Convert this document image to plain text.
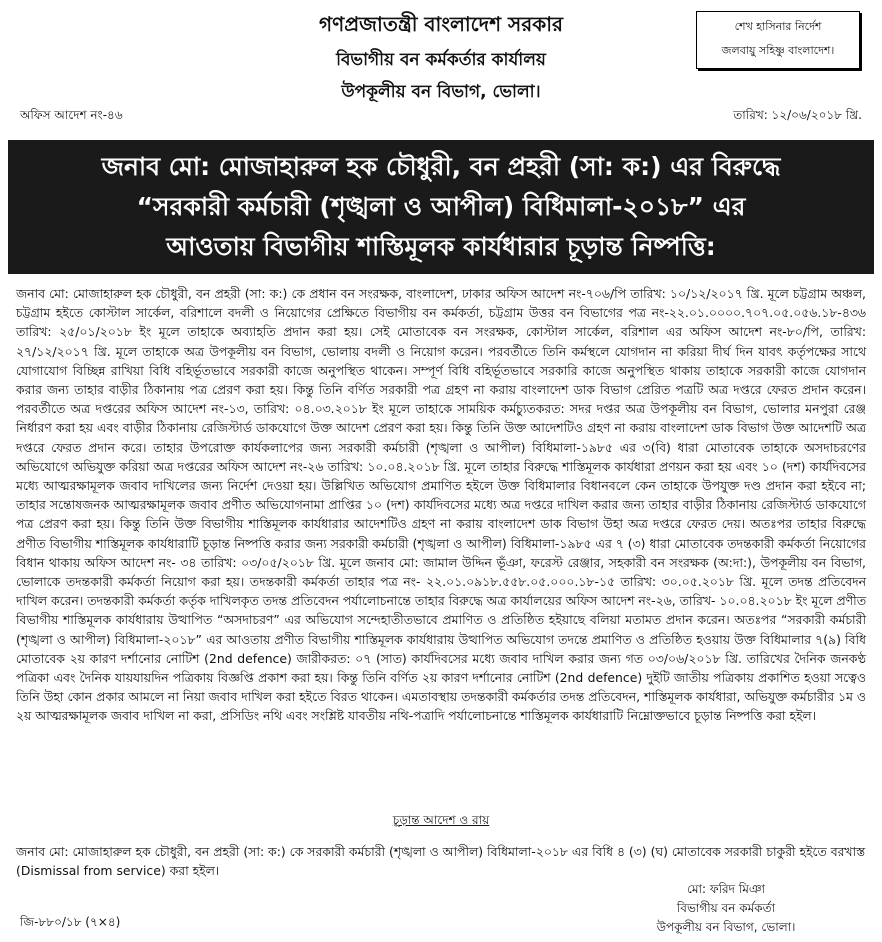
গণপ্রজাতন্ত্রী বাংলাদেশ সরকার
বিভাগীয় বন কর্মকর্তার কার্যালয়
উপকূলীয় বন বিভাগ, ভোলা।
শেখ হাসিনার নির্দেশ
জলবায়ু সহিষ্ণু বাংলাদেশ।
অফিস আদেশ নং-৪৬	তারিখ: ১২/০৬/২০১৮ খ্রি.
জনাব মো: মোজাহারুল হক চৌধুরী, বন প্রহরী (সা: ক:) এর বিরুদ্ধে
“সরকারী কর্মচারী (শৃঙ্খলা ও আপীল) বিধিমালা-২০১৮” এর
আওতায় বিভাগীয় শাস্তিমূলক কার্যধারার চূড়ান্ত নিষ্পত্তি:

জনাব মো: মোজাহারুল হক চৌধুরী, বন প্রহরী (সা: ক:) কে প্রধান বন সংরক্ষক, বাংলাদেশ, ঢাকার অফিস আদেশ নং-৭০৬/পি তারিখ: ১০/১২/২০১৭ খ্রি. মূলে চট্টগ্রাম অঞ্চল, চট্টগ্রাম হইতে কোস্টাল সার্কেল, বরিশালে বদলী ও নিয়োগের প্রেক্ষিতে বিভাগীয় বন কর্মকর্তা, চট্টগ্রাম উত্তর বন বিভাগের পত্র নং-২২.০১.০০০০.৭০৭.০৫.০৫৬.১৮-৪৩৬ তারিখ: ২৫/০১/২০১৮ ইং মূলে তাহাকে অব্যাহতি প্রদান করা হয়। সেই মোতাবেক বন সংরক্ষক, কোস্টাল সার্কেল, বরিশাল এর অফিস আদেশ নং-৮০/পি, তারিখ: ২৭/১২/২০১৭ খ্রি. মূলে তাহাকে অত্র উপকূলীয় বন বিভাগ, ভোলায় বদলী ও নিয়োগ করেন। পরবর্তীতে তিনি কর্মস্থলে যোগদান না করিয়া দীর্ঘ দিন যাবৎ কর্তৃপক্ষের সাথে যোগাযোগ বিচ্ছিন্ন রাখিয়া বিধি বহির্ভূতভাবে সরকারী কাজে অনুপস্থিত থাকেন। সম্পূর্ণ বিধি বহির্ভূতভাবে সরকারি কাজে অনুপস্থিত থাকায় তাহাকে সরকারী কাজে যোগদান করার জন্য তাহার বাড়ীর ঠিকানায় পত্র প্রেরণ করা হয়। কিন্তু তিনি বর্ণিত সরকারী পত্র গ্রহণ না করায় বাংলাদেশ ডাক বিভাগ প্রেরিত পত্রটি অত্র দপ্তরে ফেরত প্রদান করেন। পরবর্তীতে অত্র দপ্তরের অফিস আদেশ নং-১৩, তারিখ: ০৪.০৩.২০১৮ ইং মূলে তাহাকে সাময়িক কর্মচ্যুতকরত: সদর দপ্তর অত্র উপকূলীয় বন বিভাগ, ভোলার মনপুরা রেঞ্জ নির্ধারণ করা হয় এবং বাড়ীর ঠিকানায় রেজিস্টার্ড ডাকযোগে উক্ত আদেশ প্রেরণ করা হয়। কিন্তু তিনি উক্ত আদেশটিও গ্রহণ না করায় বাংলাদেশ ডাক বিভাগ উক্ত আদেশটি অত্র দপ্তরে ফেরত প্রদান করে। তাহার উপরোক্ত কার্যকলাপের জন্য সরকারী কর্মচারী (শৃঙ্খলা ও আপীল) বিধিমালা-১৯৮৫ এর ৩(বি) ধারা মোতাবেক তাহাকে অসদাচরণের অভিযোগে অভিযুক্ত করিয়া অত্র দপ্তরের অফিস আদেশ নং-২৬ তারিখ: ১০.০৪.২০১৮ খ্রি. মূলে তাহার বিরুদ্ধে শাস্তিমূলক কার্যধারা প্রণয়ন করা হয় এবং ১০ (দশ) কার্যদিবসের মধ্যে আত্মরক্ষামূলক জবাব দাখিলের জন্য নির্দেশ দেওয়া হয়। উল্লিখিত অভিযোগ প্রমাণিত হইলে উক্ত বিধিমালার বিধানবলে কেন তাহাকে উপযুক্ত দণ্ড প্রদান করা হইবে না; তাহার সন্তোষজনক আত্মরক্ষামূলক জবাব প্রণীত অভিযোগনামা প্রাপ্তির ১০ (দশ) কার্যদিবসের মধ্যে অত্র দপ্তরে দাখিল করার জন্য তাহার বাড়ীর ঠিকানায় রেজিস্টার্ড ডাকযোগে পত্র প্রেরণ করা হয়। কিন্তু তিনি উক্ত বিভাগীয় শাস্তিমূলক কার্যধারার আদেশটিও গ্রহণ না করায় বাংলাদেশ ডাক বিভাগ উহা অত্র দপ্তরে ফেরত দেয়। অতঃপর তাহার বিরুদ্ধে প্রণীত বিভাগীয় শাস্তিমূলক কার্যধারাটি চূড়ান্ত নিষ্পত্তি করার জন্য সরকারী কর্মচারী (শৃঙ্খলা ও আপীল) বিধিমালা-১৯৮৫ এর ৭ (৩) ধারা মোতাবেক তদন্তকারী কর্মকর্তা নিয়োগের বিধান থাকায় অফিস আদেশ নং- ৩৪ তারিখ: ০৩/০৫/২০১৮ খ্রি. মূলে জনাব মো: জামাল উদ্দিন ভূঁঞা, ফরেস্ট রেঞ্জার, সহকারী বন সংরক্ষক (অ:দা:), উপকূলীয় বন বিভাগ, ভোলাকে তদন্তকারী কর্মকর্তা নিয়োগ করা হয়। তদন্তকারী কর্মকর্তা তাহার পত্র নং- ২২.০১.০৯১৮.৫৫৮.০৫.০০০.১৮-১৫ তারিখ: ৩০.০৫.২০১৮ খ্রি. মূলে তদন্ত প্রতিবেদন দাখিল করেন। তদন্তকারী কর্মকর্তা কর্তৃক দাখিলকৃত তদন্ত প্রতিবেদন পর্যালোচনান্তে তাহার বিরুদ্ধে অত্র কার্যালয়ের অফিস আদেশ নং-২৬, তারিখ- ১০.০৪.২০১৮ ইং মূলে প্রণীত বিভাগীয় শাস্তিমূলক কার্যধারায় উত্থাপিত “অসদাচরণ” এর অভিযোগ সন্দেহাতীতভাবে প্রমাণিত ও প্রতিষ্ঠিত হইয়াছে বলিয়া মতামত প্রদান করেন। অতঃপর “সরকারী কর্মচারী (শৃঙ্খলা ও আপীল) বিধিমালা-২০১৮” এর আওতায় প্রণীত বিভাগীয় শাস্তিমূলক কার্যধারায় উত্থাপিত অভিযোগ তদন্তে প্রমাণিত ও প্রতিষ্ঠিত হওয়ায় উক্ত বিধিমালার ৭(৯) বিধি মোতাবেক ২য় কারণ দর্শানোর নোটিশ (2nd defence) জারীকরত: ০৭ (সাত) কার্যদিবসের মধ্যে জবাব দাখিল করার জন্য গত ০৩/০৬/২০১৮ খ্রি. তারিখের দৈনিক জনকণ্ঠ পত্রিকা এবং দৈনিক যায়যায়দিন পত্রিকায় বিজ্ঞপ্তি প্রকাশ করা হয়। কিন্তু তিনি বর্ণিত ২য় কারণ দর্শানোর নোটিশ (2nd defence) দুইটি জাতীয় পত্রিকায় প্রকাশিত হওয়া সত্বেও তিনি উহা কোন প্রকার আমলে না নিয়া জবাব দাখিল করা হইতে বিরত থাকেন। এমতাবস্থায় তদন্তকারী কর্মকর্তার তদন্ত প্রতিবেদন, শাস্তিমূলক কার্যধারা, অভিযুক্ত কর্মচারীর ১ম ও ২য় আত্মরক্ষামূলক জবাব দাখিল না করা, প্রসিডিং নথি এবং সংশ্লিষ্ট যাবতীয় নথি-পত্রাদি পর্যালোচনান্তে শাস্তিমূলক কার্যধারাটি নিম্নোক্তভাবে চূড়ান্ত নিষ্পত্তি করা হইল।

চূড়ান্ত আদেশ ও রায়
জনাব মো: মোজাহারুল হক চৌধুরী, বন প্রহরী (সা: ক:) কে সরকারী কর্মচারী (শৃঙ্খলা ও আপীল) বিধিমালা-২০১৮ এর বিধি ৪ (৩) (ঘ) মোতাবেক সরকারী চাকুরী হইতে বরখাস্ত (Dismissal from service) করা হইল।
মো: ফরিদ মিঞা
বিভাগীয় বন কর্মকর্তা
উপকূলীয় বন বিভাগ, ভোলা।
জি-৮৮০/১৮ (৭×৪)
